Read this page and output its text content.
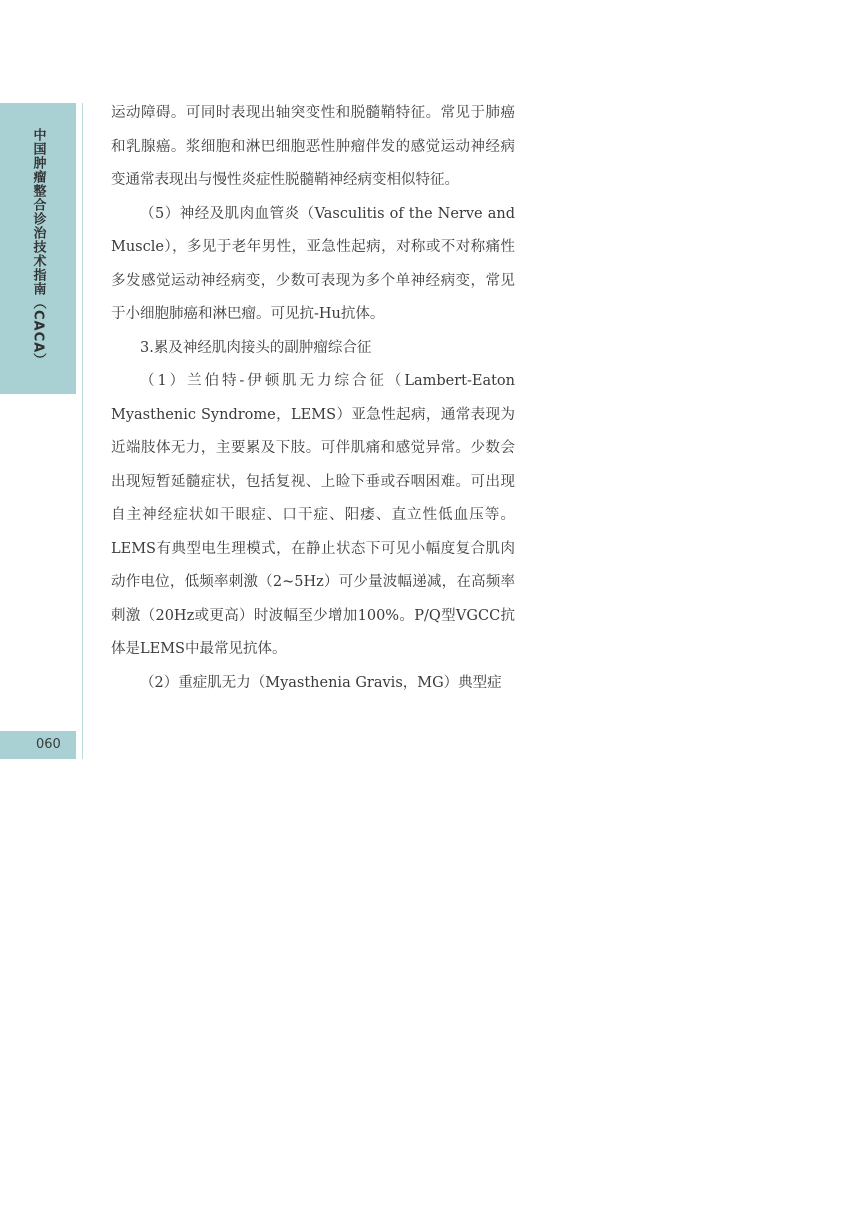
中国肿瘤整合诊治技术指南（CACA）
060

运动障碍。可同时表现出轴突变性和脱髓鞘特征。常见于肺癌和乳腺癌。浆细胞和淋巴细胞恶性肿瘤伴发的感觉运动神经病变通常表现出与慢性炎症性脱髓鞘神经病变相似特征。

（5）神经及肌肉血管炎（Vasculitis of the Nerve and Muscle），多见于老年男性，亚急性起病，对称或不对称痛性多发感觉运动神经病变，少数可表现为多个单神经病变，常见于小细胞肺癌和淋巴瘤。可见抗-Hu抗体。

3.累及神经肌肉接头的副肿瘤综合征

（1）兰伯特-伊顿肌无力综合征（Lambert-Eaton Myasthenic Syndrome，LEMS）亚急性起病，通常表现为近端肢体无力，主要累及下肢。可伴肌痛和感觉异常。少数会出现短暂延髓症状，包括复视、上睑下垂或吞咽困难。可出现自主神经症状如干眼症、口干症、阳痿、直立性低血压等。LEMS有典型电生理模式，在静止状态下可见小幅度复合肌肉动作电位，低频率刺激（2~5Hz）可少量波幅递减，在高频率刺激（20Hz或更高）时波幅至少增加100%。P/Q型VGCC抗体是LEMS中最常见抗体。

（2）重症肌无力（Myasthenia Gravis，MG）典型症
